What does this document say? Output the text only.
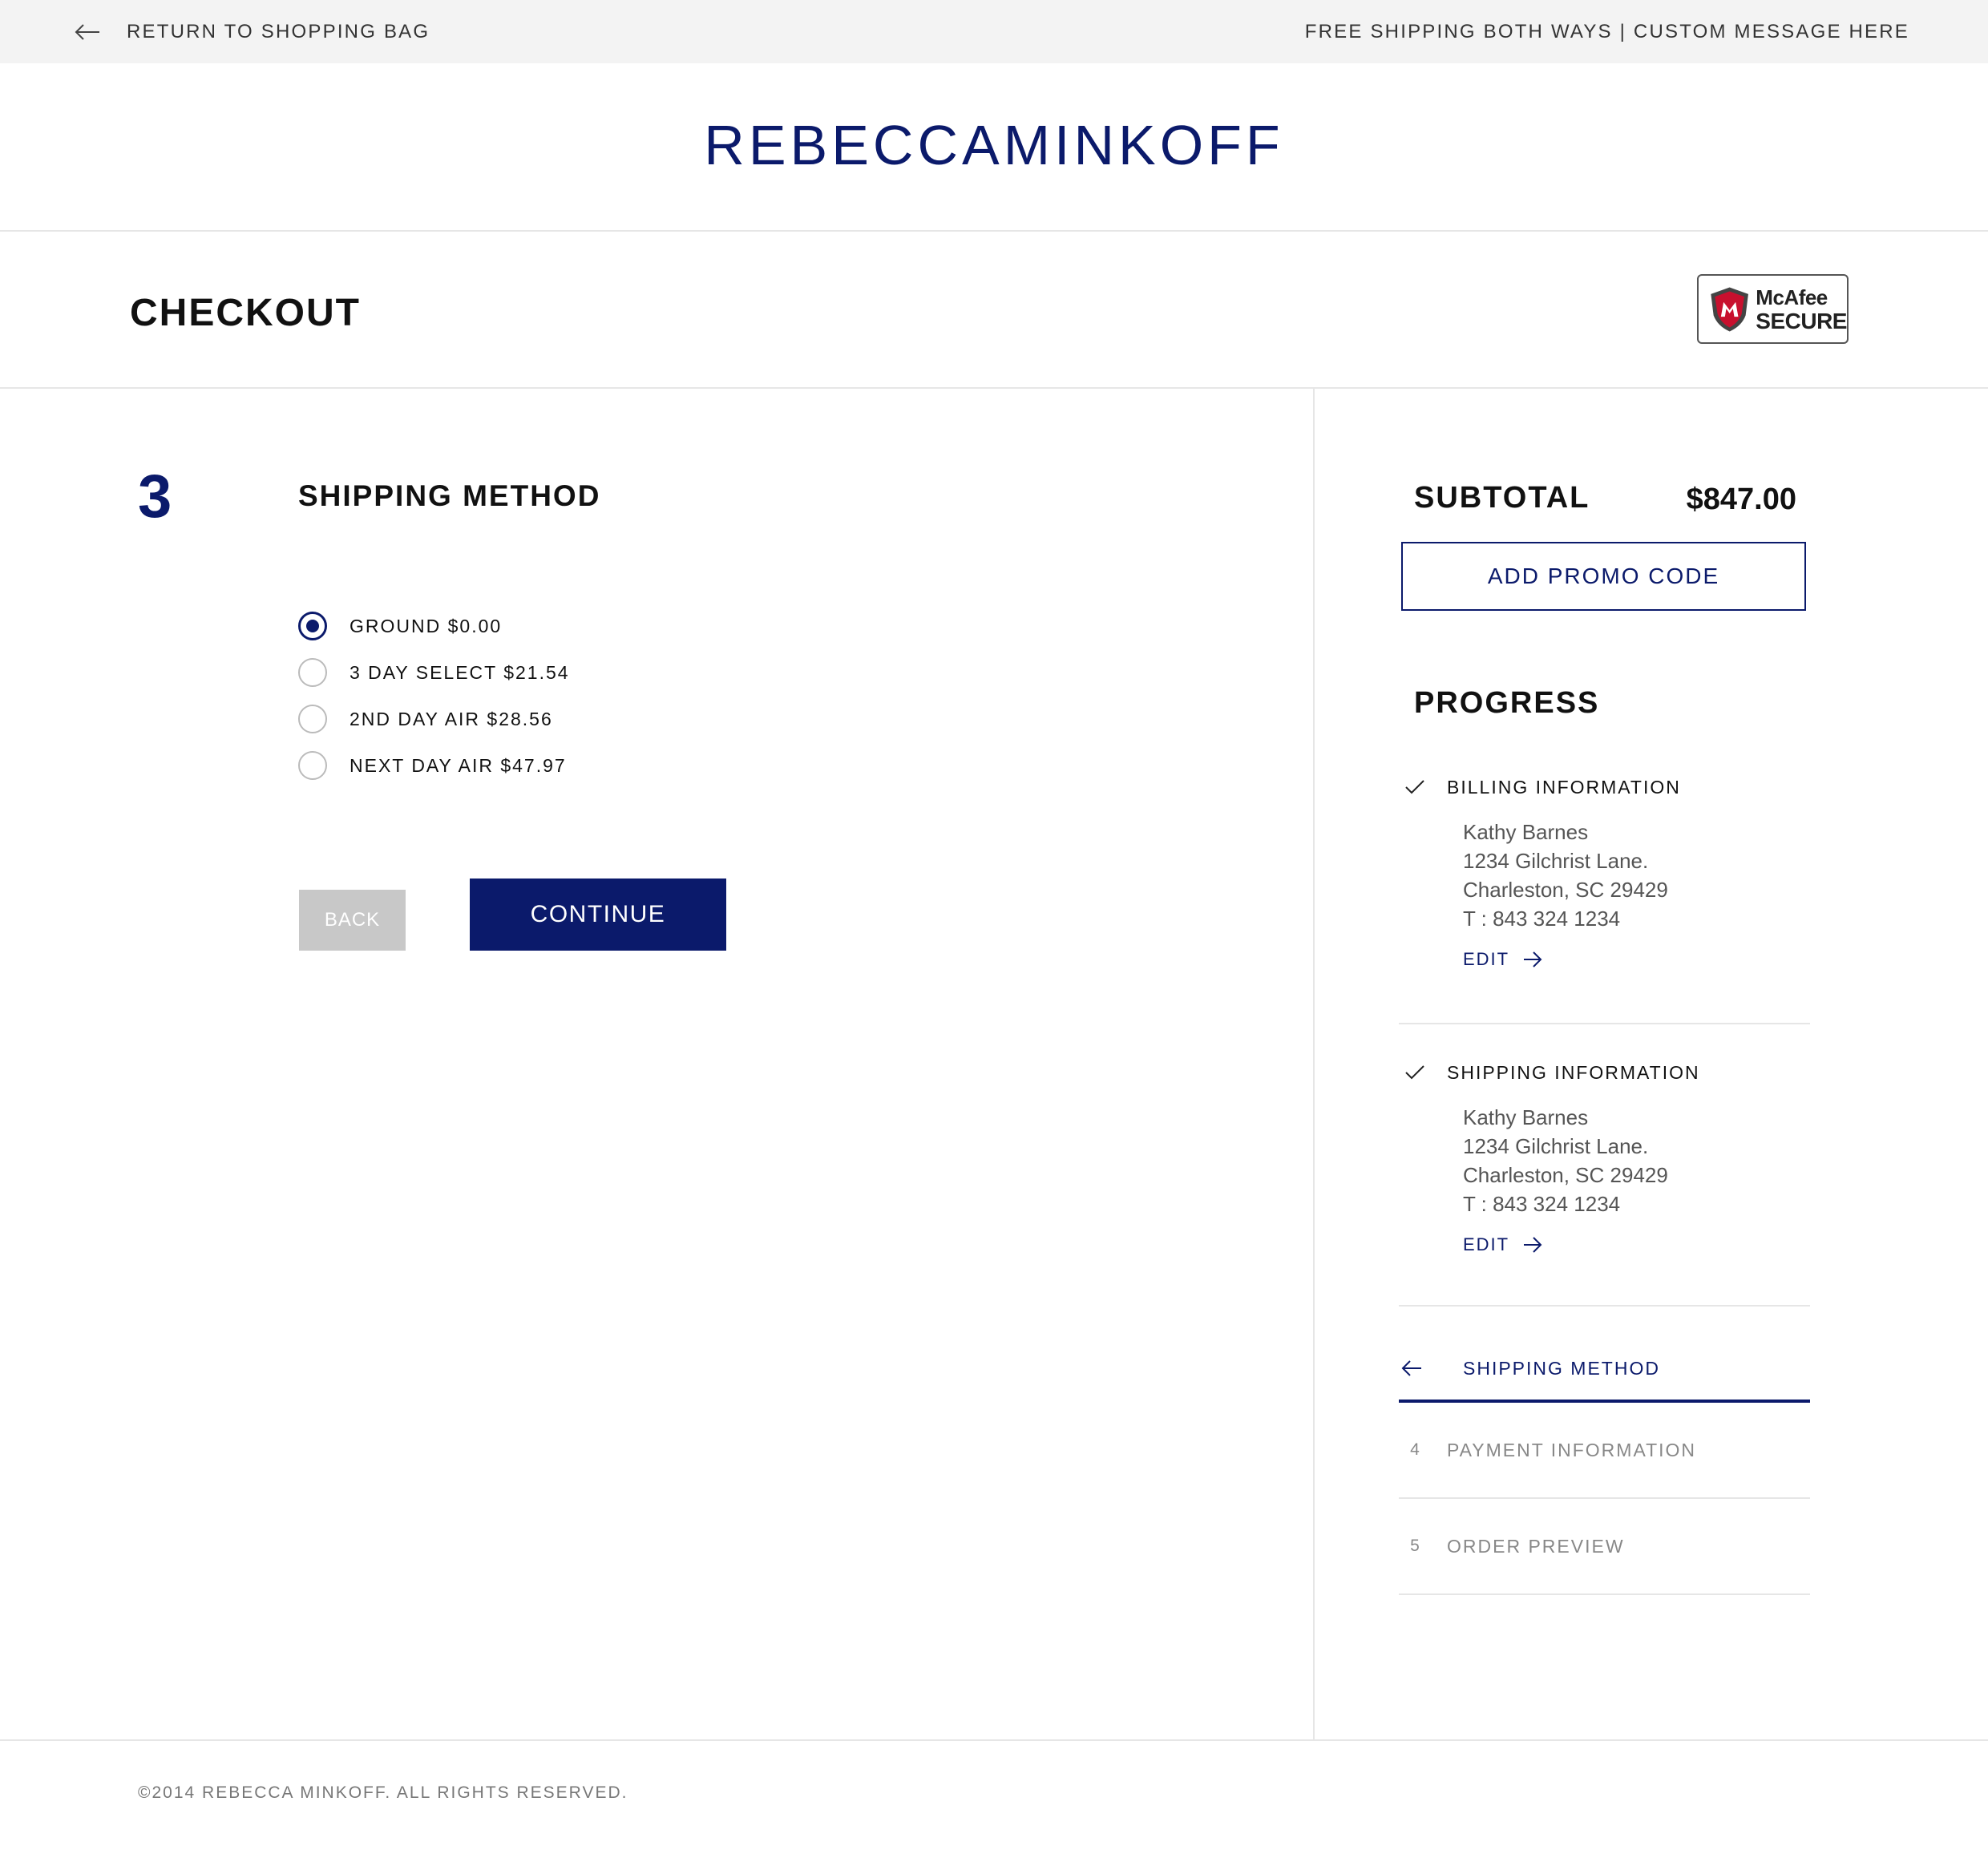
RETURN TO SHOPPING BAG	FREE SHIPPING BOTH WAYS | CUSTOM MESSAGE HERE
REBECCAMINKOFF
CHECKOUT	McAfee
SECURE
3	SHIPPING METHOD
GROUND $0.00
3 DAY SELECT $21.54
2ND DAY AIR $28.56
NEXT DAY AIR $47.97
BACK	CONTINUE
SUBTOTAL	$847.00
ADD PROMO CODE
PROGRESS
BILLING INFORMATION
Kathy Barnes
1234 Gilchrist Lane.
Charleston, SC 29429
T : 843 324 1234
EDIT
SHIPPING INFORMATION
Kathy Barnes
1234 Gilchrist Lane.
Charleston, SC 29429
T : 843 324 1234
EDIT
SHIPPING METHOD
4	PAYMENT INFORMATION
5	ORDER PREVIEW
©2014 REBECCA MINKOFF. ALL RIGHTS RESERVED.
